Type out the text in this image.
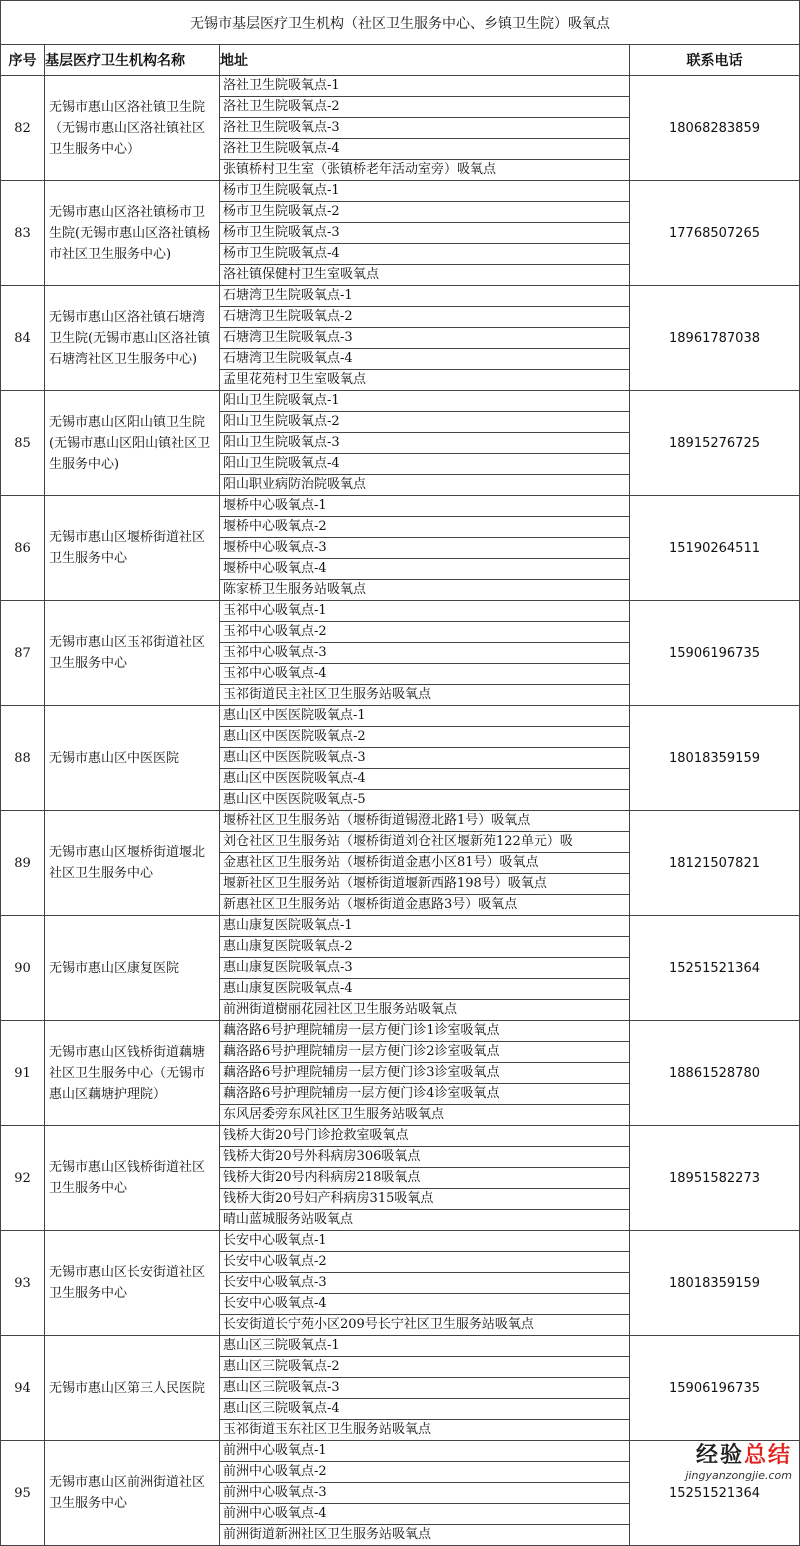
无锡市基层医疗卫生机构（社区卫生服务中心、乡镇卫生院）吸氧点			
序号	基层医疗卫生机构名称	地址	联系电话
82	无锡市惠山区洛社镇卫生院（无锡市惠山区洛社镇社区卫生服务中心）	洛社卫生院吸氧点-1
洛社卫生院吸氧点-2
洛社卫生院吸氧点-3
洛社卫生院吸氧点-4
张镇桥村卫生室（张镇桥老年活动室旁）吸氧点	18068283859
83	无锡市惠山区洛社镇杨市卫生院(无锡市惠山区洛社镇杨市社区卫生服务中心)	杨市卫生院吸氧点-1
杨市卫生院吸氧点-2
杨市卫生院吸氧点-3
杨市卫生院吸氧点-4
洛社镇保健村卫生室吸氧点	17768507265
84	无锡市惠山区洛社镇石塘湾卫生院(无锡市惠山区洛社镇石塘湾社区卫生服务中心)	石塘湾卫生院吸氧点-1
石塘湾卫生院吸氧点-2
石塘湾卫生院吸氧点-3
石塘湾卫生院吸氧点-4
孟里花苑村卫生室吸氧点	18961787038
85	无锡市惠山区阳山镇卫生院(无锡市惠山区阳山镇社区卫生服务中心)	阳山卫生院吸氧点-1
阳山卫生院吸氧点-2
阳山卫生院吸氧点-3
阳山卫生院吸氧点-4
阳山职业病防治院吸氧点	18915276725
86	无锡市惠山区堰桥街道社区卫生服务中心	堰桥中心吸氧点-1
堰桥中心吸氧点-2
堰桥中心吸氧点-3
堰桥中心吸氧点-4
陈家桥卫生服务站吸氧点	15190264511
87	无锡市惠山区玉祁街道社区卫生服务中心	玉祁中心吸氧点-1
玉祁中心吸氧点-2
玉祁中心吸氧点-3
玉祁中心吸氧点-4
玉祁街道民主社区卫生服务站吸氧点	15906196735
88	无锡市惠山区中医医院	惠山区中医医院吸氧点-1
惠山区中医医院吸氧点-2
惠山区中医医院吸氧点-3
惠山区中医医院吸氧点-4
惠山区中医医院吸氧点-5	18018359159
89	无锡市惠山区堰桥街道堰北社区卫生服务中心	堰桥社区卫生服务站（堰桥街道锡澄北路1号）吸氧点
刘仓社区卫生服务站（堰桥街道刘仓社区堰新苑122单元）吸
金惠社区卫生服务站（堰桥街道金惠小区81号）吸氧点
堰新社区卫生服务站（堰桥街道堰新西路198号）吸氧点
新惠社区卫生服务站（堰桥街道金惠路3号）吸氧点	18121507821
90	无锡市惠山区康复医院	惠山康复医院吸氧点-1
惠山康复医院吸氧点-2
惠山康复医院吸氧点-3
惠山康复医院吸氧点-4
前洲街道樹丽花园社区卫生服务站吸氧点	15251521364
91	无锡市惠山区钱桥街道藕塘社区卫生服务中心（无锡市惠山区藕塘护理院）	藕洛路6号护理院辅房一层方便门诊1诊室吸氧点
藕洛路6号护理院辅房一层方便门诊2诊室吸氧点
藕洛路6号护理院辅房一层方便门诊3诊室吸氧点
藕洛路6号护理院辅房一层方便门诊4诊室吸氧点
东风居委旁东风社区卫生服务站吸氧点	18861528780
92	无锡市惠山区钱桥街道社区卫生服务中心	钱桥大街20号门诊抢救室吸氧点
钱桥大街20号外科病房306吸氧点
钱桥大街20号内科病房218吸氧点
钱桥大街20号妇产科病房315吸氧点
晴山蓝城服务站吸氧点	18951582273
93	无锡市惠山区长安街道社区卫生服务中心	长安中心吸氧点-1
长安中心吸氧点-2
长安中心吸氧点-3
长安中心吸氧点-4
长安街道长宁苑小区209号长宁社区卫生服务站吸氧点	18018359159
94	无锡市惠山区第三人民医院	惠山区三院吸氧点-1
惠山区三院吸氧点-2
惠山区三院吸氧点-3
惠山区三院吸氧点-4
玉祁街道玉东社区卫生服务站吸氧点	15906196735
95	无锡市惠山区前洲街道社区卫生服务中心	前洲中心吸氧点-1
前洲中心吸氧点-2
前洲中心吸氧点-3
前洲中心吸氧点-4
前洲街道新洲社区卫生服务站吸氧点	15251521364
经验总结
jingyanzongjie.com
